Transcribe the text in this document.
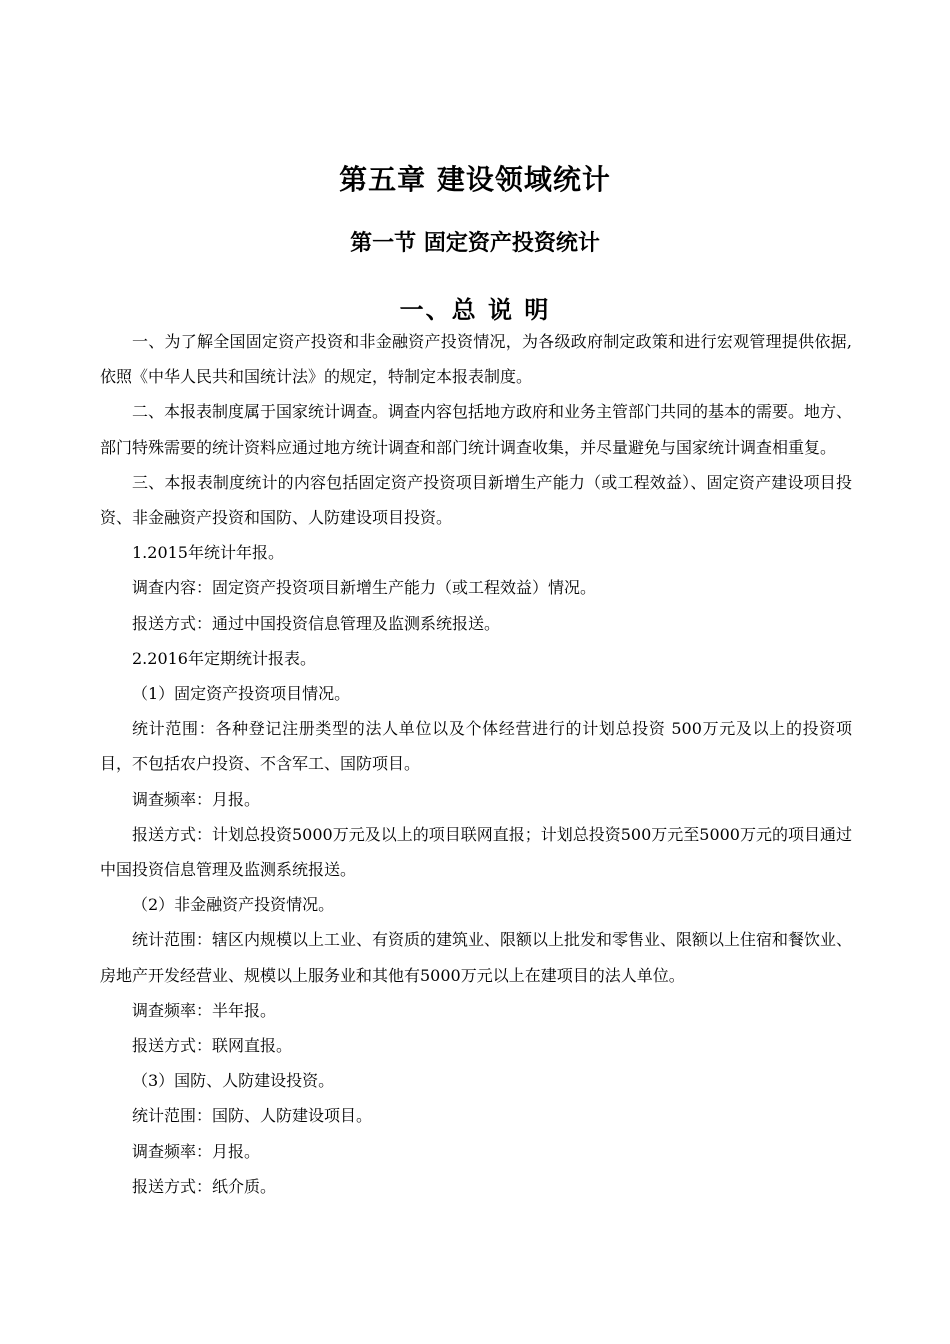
第五章 建设领域统计
第一节 固定资产投资统计
一、总 说 明

一、为了解全国固定资产投资和非金融资产投资情况，为各级政府制定政策和进行宏观管理提供依据,依照《中华人民共和国统计法》的规定，特制定本报表制度。

二、本报表制度属于国家统计调查。调查内容包括地方政府和业务主管部门共同的基本的需要。地方、部门特殊需要的统计资料应通过地方统计调查和部门统计调查收集，并尽量避免与国家统计调查相重复。

三、本报表制度统计的内容包括固定资产投资项目新增生产能力（或工程效益）、固定资产建设项目投资、非金融资产投资和国防、人防建设项目投资。

1.2015年统计年报。

调查内容：固定资产投资项目新增生产能力（或工程效益）情况。

报送方式：通过中国投资信息管理及监测系统报送。

2.2016年定期统计报表。

（1）固定资产投资项目情况。

统计范围：各种登记注册类型的法人单位以及个体经营进行的计划总投资 500万元及以上的投资项目，不包括农户投资、不含军工、国防项目。

调查频率：月报。

报送方式：计划总投资5000万元及以上的项目联网直报；计划总投资500万元至5000万元的项目通过中国投资信息管理及监测系统报送。

（2）非金融资产投资情况。

统计范围：辖区内规模以上工业、有资质的建筑业、限额以上批发和零售业、限额以上住宿和餐饮业、房地产开发经营业、规模以上服务业和其他有5000万元以上在建项目的法人单位。

调查频率：半年报。

报送方式：联网直报。

（3）国防、人防建设投资。

统计范围：国防、人防建设项目。

调查频率：月报。

报送方式：纸介质。
